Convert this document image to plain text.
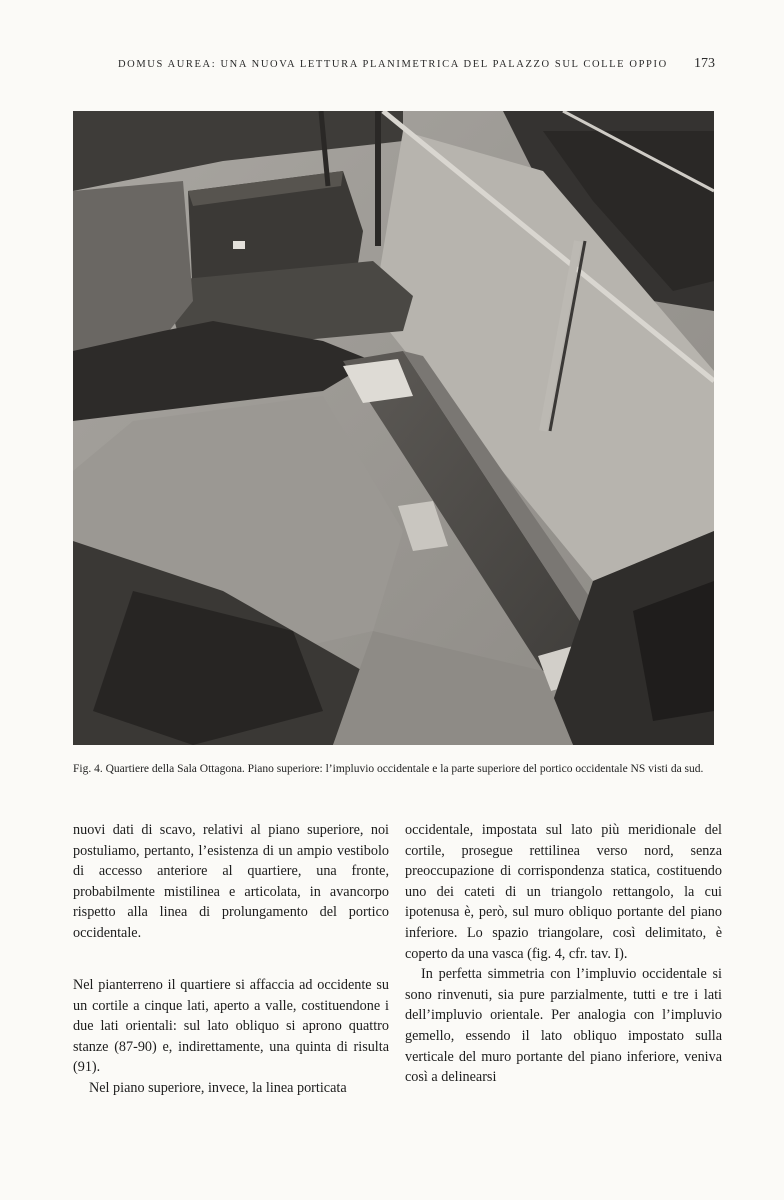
DOMUS AUREA: UNA NUOVA LETTURA PLANIMETRICA DEL PALAZZO SUL COLLE OPPIO 173
Fig. 4. Quartiere della Sala Ottagona. Piano superiore: l’impluvio occidentale e la parte superiore del portico occidentale NS visti da sud.

nuovi dati di scavo, relativi al piano superiore, noi postuliamo, pertanto, l’esistenza di un ampio vestibolo di accesso anteriore al quartiere, una fronte, probabilmente mistilinea e articolata, in avancorpo rispetto alla linea di prolungamento del portico occidentale.

Nel pianterreno il quartiere si affaccia ad occidente su un cortile a cinque lati, aperto a valle, costituendone i due lati orientali: sul lato obliquo si aprono quattro stanze (87-90) e, indirettamente, una quinta di risulta (91).

Nel piano superiore, invece, la linea porticata

occidentale, impostata sul lato più meridionale del cortile, prosegue rettilinea verso nord, senza preoccupazione di corrispondenza statica, costituendo uno dei cateti di un triangolo rettangolo, la cui ipotenusa è, però, sul muro obliquo portante del piano inferiore. Lo spazio triangolare, così delimitato, è coperto da una vasca (fig. 4, cfr. tav. I).

In perfetta simmetria con l’impluvio occidentale si sono rinvenuti, sia pure parzialmente, tutti e tre i lati dell’impluvio orientale. Per analogia con l’impluvio gemello, essendo il lato obliquo impostato sulla verticale del muro portante del piano inferiore, veniva così a delinearsi
